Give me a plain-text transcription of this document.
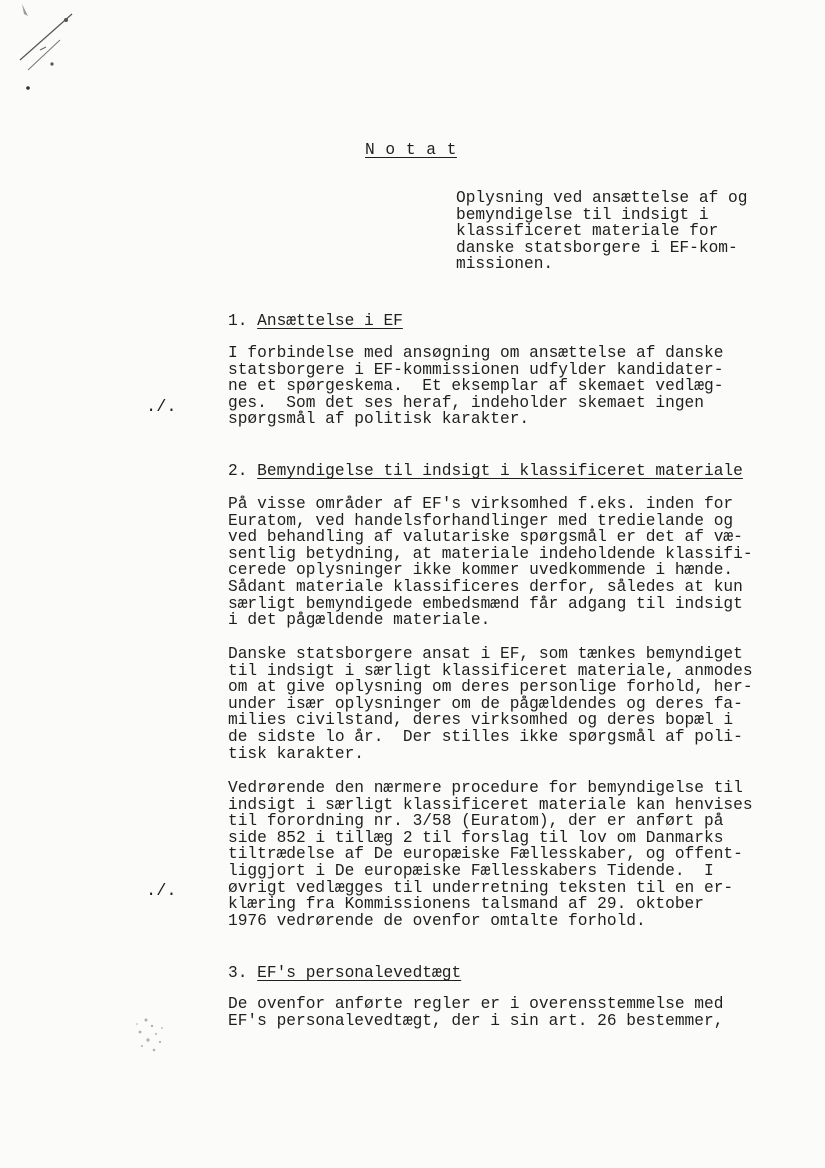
N o t a t
Oplysning ved ansættelse af og
bemyndigelse til indsigt i
klassificeret materiale for
danske statsborgere i EF-kom-
missionen.
1. Ansættelse i EF
I forbindelse med ansøgning om ansættelse af danske
statsborgere i EF-kommissionen udfylder kandidater-
ne et spørgeskema.  Et eksemplar af skemaet vedlæg-
ges.  Som det ses heraf, indeholder skemaet ingen
spørgsmål af politisk karakter.
./.
2. Bemyndigelse til indsigt i klassificeret materiale
På visse områder af EF's virksomhed f.eks. inden for
Euratom, ved handelsforhandlinger med tredielande og
ved behandling af valutariske spørgsmål er det af væ-
sentlig betydning, at materiale indeholdende klassifi-
cerede oplysninger ikke kommer uvedkommende i hænde.
Sådant materiale klassificeres derfor, således at kun
særligt bemyndigede embedsmænd får adgang til indsigt
i det pågældende materiale.
Danske statsborgere ansat i EF, som tænkes bemyndiget
til indsigt i særligt klassificeret materiale, anmodes
om at give oplysning om deres personlige forhold, her-
under især oplysninger om de pågældendes og deres fa-
milies civilstand, deres virksomhed og deres bopæl i
de sidste lo år.  Der stilles ikke spørgsmål af poli-
tisk karakter.
Vedrørende den nærmere procedure for bemyndigelse til
indsigt i særligt klassificeret materiale kan henvises
til forordning nr. 3/58 (Euratom), der er anført på
side 852 i tillæg 2 til forslag til lov om Danmarks
tiltrædelse af De europæiske Fællesskaber, og offent-
liggjort i De europæiske Fællesskabers Tidende.  I
øvrigt vedlægges til underretning teksten til en er-
klæring fra Kommissionens talsmand af 29. oktober
1976 vedrørende de ovenfor omtalte forhold.
./.
3. EF's personalevedtægt
De ovenfor anførte regler er i overensstemmelse med
EF's personalevedtægt, der i sin art. 26 bestemmer,
